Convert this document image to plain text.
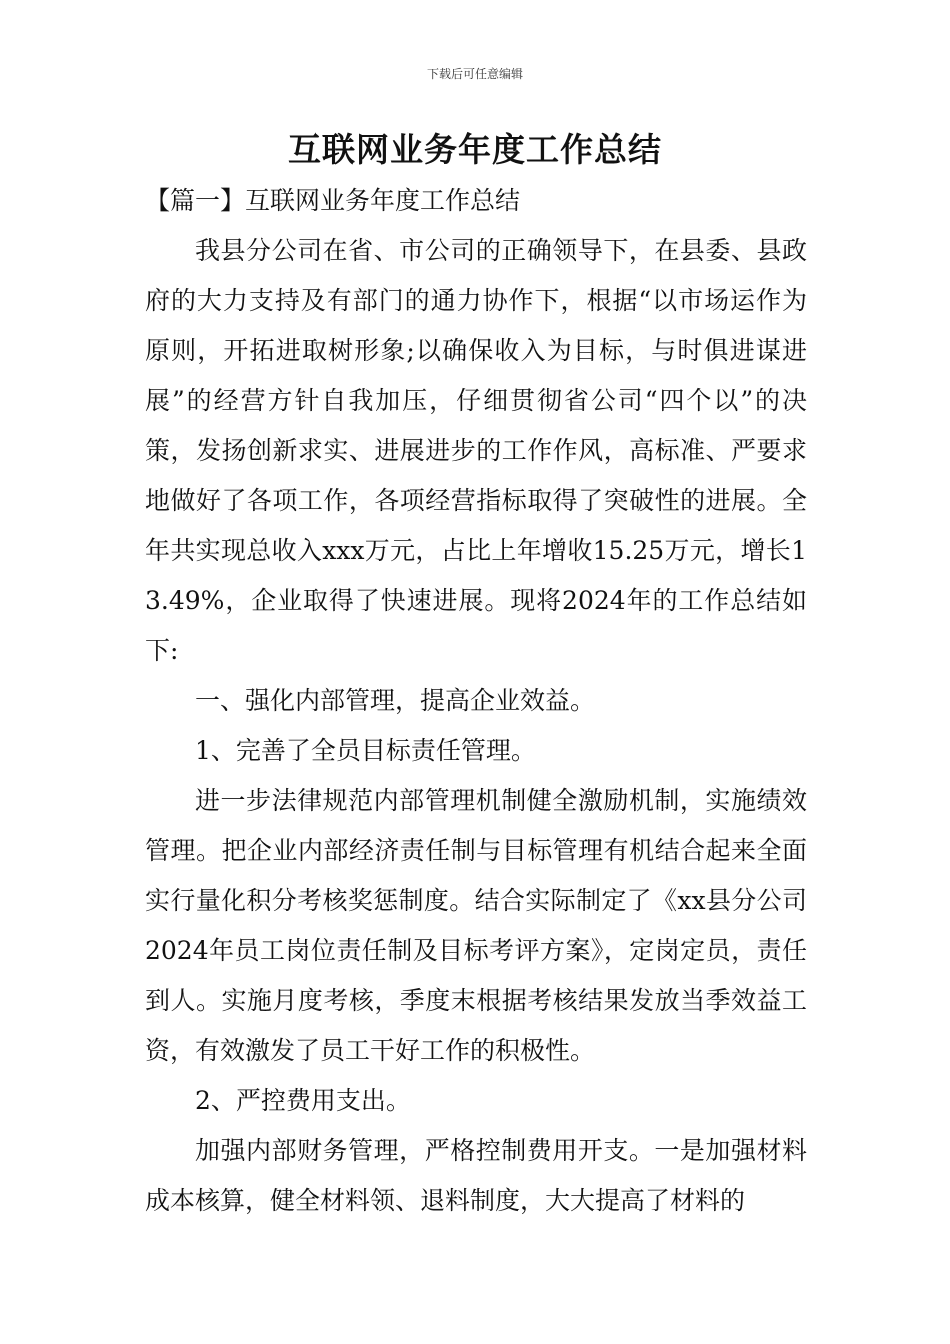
下载后可任意编辑
互联网业务年度工作总结

【篇一】互联网业务年度工作总结

我县分公司在省、市公司的正确领导下，在县委、县政府的大力支持及有部门的通力协作下，根据“以市场运作为原则，开拓进取树形象;以确保收入为目标，与时俱进谋进展”的经营方针自我加压，仔细贯彻省公司“四个以”的决策，发扬创新求实、进展进步的工作作风，高标准、严要求地做好了各项工作，各项经营指标取得了突破性的进展。全年共实现总收入xxx万元，占比上年增收15.25万元，增长13.49%，企业取得了快速进展。现将2024年的工作总结如下:

一、强化内部管理，提高企业效益。

1、完善了全员目标责任管理。

进一步法律规范内部管理机制健全激励机制，实施绩效管理。把企业内部经济责任制与目标管理有机结合起来全面实行量化积分考核奖惩制度。结合实际制定了《xx县分公司2024年员工岗位责任制及目标考评方案》，定岗定员，责任到人。实施月度考核，季度末根据考核结果发放当季效益工资，有效激发了员工干好工作的积极性。

2、严控费用支出。

加强内部财务管理，严格控制费用开支。一是加强材料成本核算，健全材料领、退料制度，大大提高了材料的
